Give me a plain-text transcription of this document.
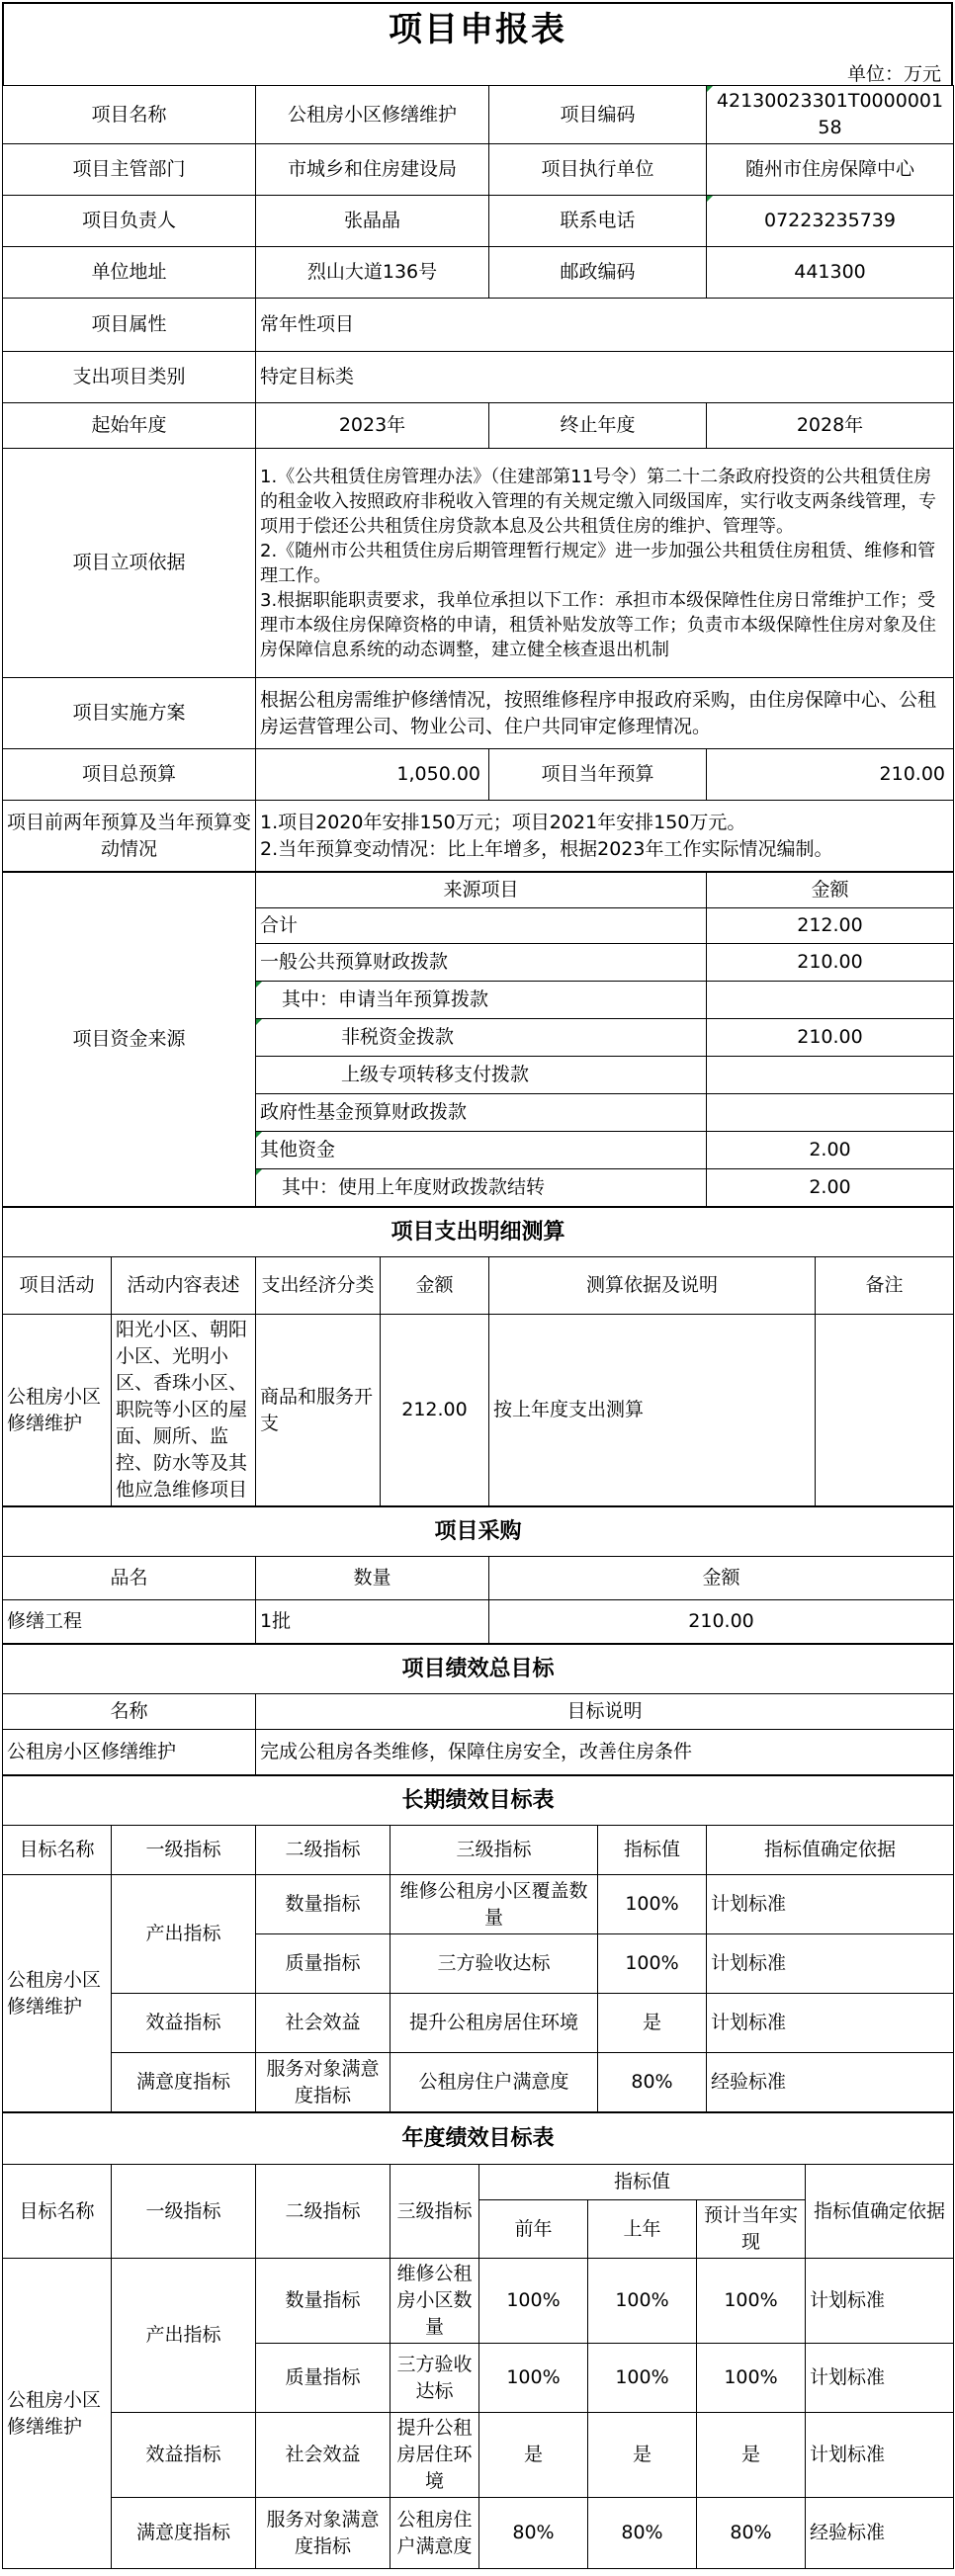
项目申报表
单位：万元
项目名称	公租房小区修缮维护	项目编码	42130023301T000000158
项目主管部门	市城乡和住房建设局	项目执行单位	随州市住房保障中心
项目负责人	张晶晶	联系电话	07223235739
单位地址	烈山大道136号	邮政编码	441300
项目属性	常年性项目		
支出项目类别	特定目标类		
起始年度	2023年	终止年度	2028年
项目立项依据	1.《公共租赁住房管理办法》（住建部第11号令）第二十二条政府投资的公共租赁住房的租金收入按照政府非税收入管理的有关规定缴入同级国库，实行收支两条线管理，专项用于偿还公共租赁住房贷款本息及公共租赁住房的维护、管理等。
2.《随州市公共租赁住房后期管理暂行规定》进一步加强公共租赁住房租赁、维修和管理工作。
3.根据职能职责要求，我单位承担以下工作：承担市本级保障性住房日常维护工作；受理市本级住房保障资格的申请，租赁补贴发放等工作；负责市本级保障性住房对象及住房保障信息系统的动态调整，建立健全核查退出机制		
项目实施方案	根据公租房需维护修缮情况，按照维修程序申报政府采购，由住房保障中心、公租房运营管理公司、物业公司、住户共同审定修理情况。		
项目总预算	1,050.00	项目当年预算	210.00
项目前两年预算及当年预算变动情况	1.项目2020年安排150万元；项目2021年安排150万元。
2.当年预算变动情况：比上年增多，根据2023年工作实际情况编制。		
项目资金来源	来源项目	金额
	合计	212.00
	一般公共预算财政拨款	210.00
	其中：申请当年预算拨款	
	非税资金拨款	210.00
	上级专项转移支付拨款	
	政府性基金预算财政拨款	
	其他资金	2.00
	其中：使用上年度财政拨款结转	2.00
项目支出明细测算					
项目活动	活动内容表述	支出经济分类	金额	测算依据及说明	备注
公租房小区修缮维护	阳光小区、朝阳小区、光明小区、香珠小区、职院等小区的屋面、厕所、监控、防水等及其他应急维修项目	商品和服务开支	212.00	按上年度支出测算	
项目采购		
品名	数量	金额
修缮工程	1批	210.00
项目绩效总目标	
名称	目标说明
公租房小区修缮维护	完成公租房各类维修，保障住房安全，改善住房条件
长期绩效目标表					
目标名称	一级指标	二级指标	三级指标	指标值	指标值确定依据
公租房小区修缮维护	产出指标	数量指标	维修公租房小区覆盖数量	100%	计划标准
		质量指标	三方验收达标	100%	计划标准
	效益指标	社会效益	提升公租房居住环境	是	计划标准
	满意度指标	服务对象满意度指标	公租房住户满意度	80%	经验标准
年度绩效目标表							
目标名称	一级指标	二级指标	三级指标	指标值			指标值确定依据
				前年	上年	预计当年实现	
公租房小区修缮维护	产出指标	数量指标	维修公租房小区数量	100%	100%	100%	计划标准
		质量指标	三方验收达标	100%	100%	100%	计划标准
	效益指标	社会效益	提升公租房居住环境	是	是	是	计划标准
	满意度指标	服务对象满意度指标	公租房住户满意度	80%	80%	80%	经验标准
